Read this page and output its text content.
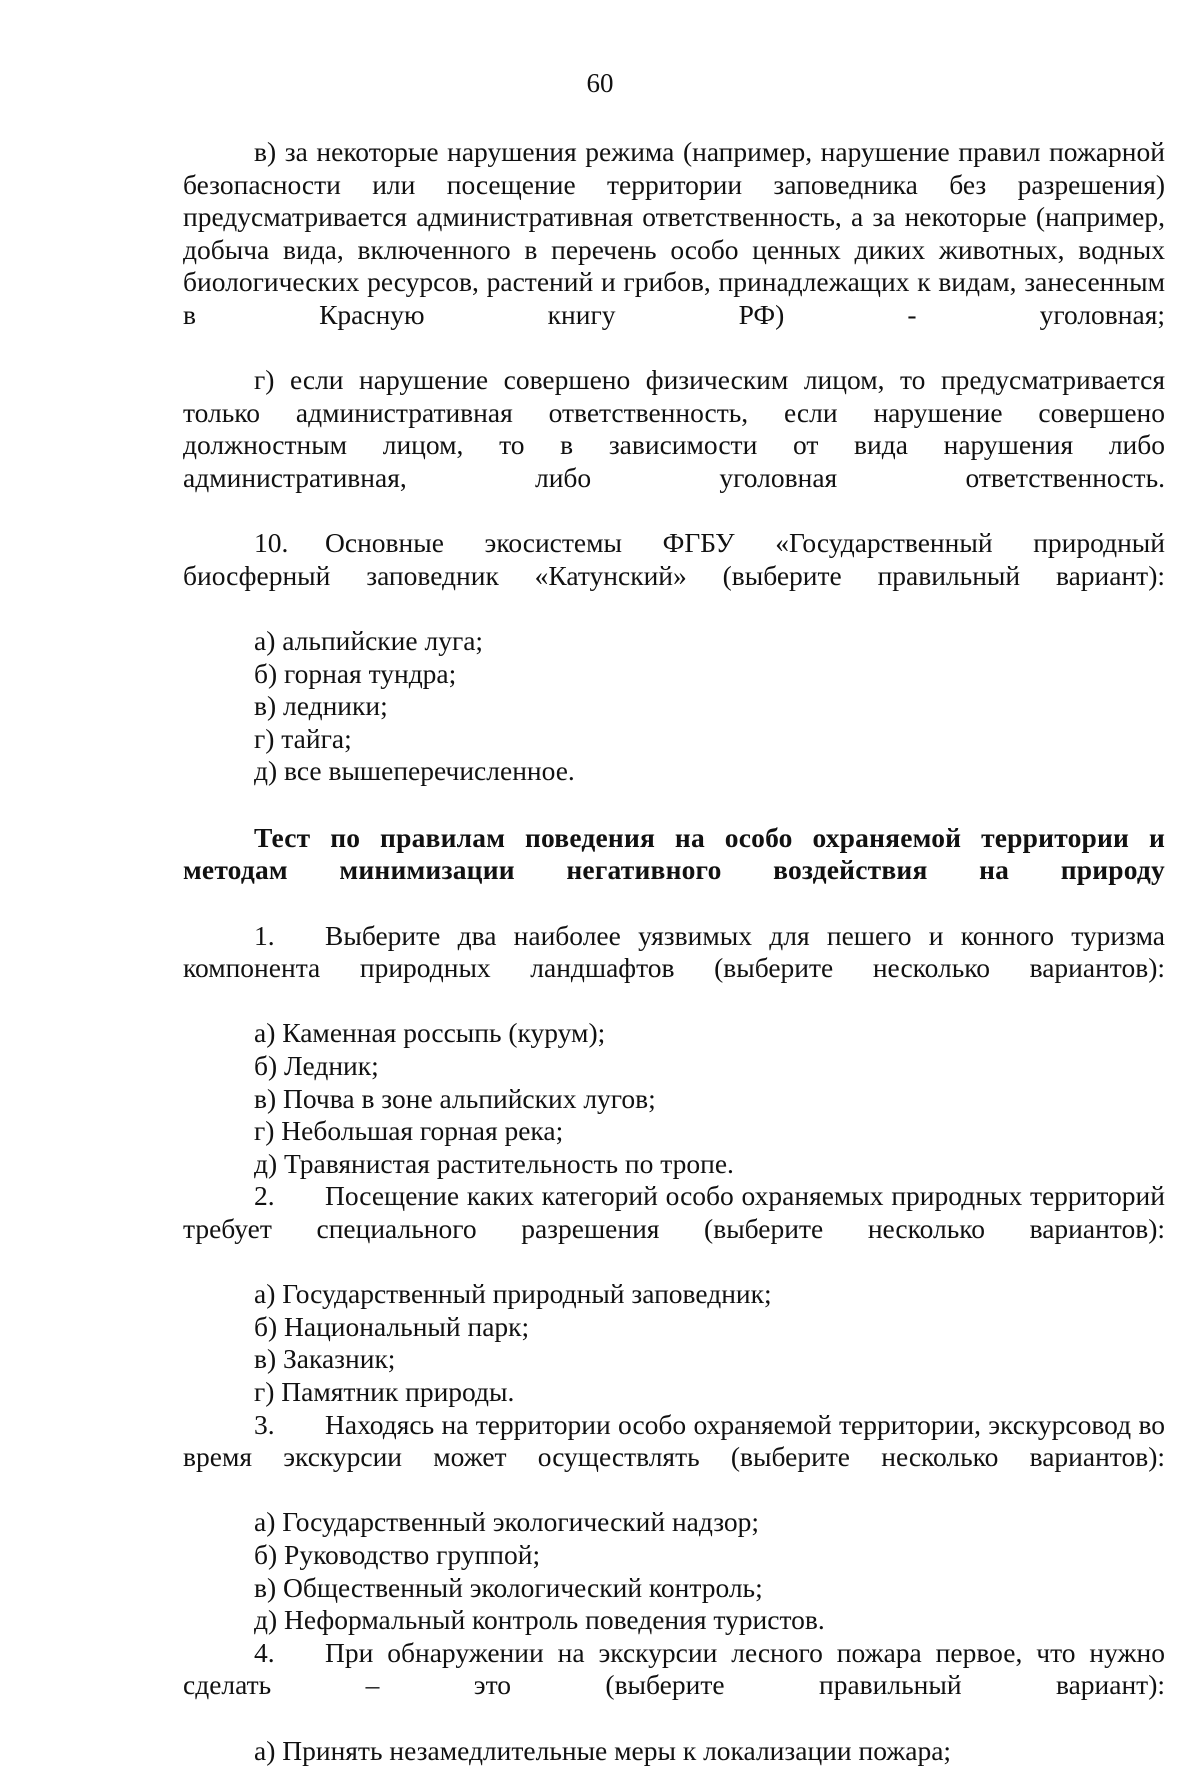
60

в) за некоторые нарушения режима (например, нарушение правил пожарной безопасности или посещение территории заповедника без разрешения) предусматривается административная ответственность, а за некоторые (например, добыча вида, включенного в перечень особо ценных диких животных, водных биологических ресурсов, растений и грибов, принадлежащих к видам, занесенным в Красную книгу РФ) - уголовная;

г) если нарушение совершено физическим лицом, то предусматривается только административная ответственность, если нарушение совершено должностным лицом, то в зависимости от вида нарушения либо административная, либо уголовная ответственность.

10. Основные экосистемы ФГБУ «Государственный природный биосферный заповедник «Катунский» (выберите правильный вариант):

а) альпийские луга;

б) горная тундра;

в) ледники;

г) тайга;

д) все вышеперечисленное.

Тест по правилам поведения на особо охраняемой территории и методам минимизации негативного воздействия на природу

1. Выберите два наиболее уязвимых для пешего и конного туризма компонента природных ландшафтов (выберите несколько вариантов):

а) Каменная россыпь (курум);

б) Ледник;

в) Почва в зоне альпийских лугов;

г) Небольшая горная река;

д) Травянистая растительность по тропе.

2. Посещение каких категорий особо охраняемых природных территорий требует специального разрешения (выберите несколько вариантов):

а) Государственный природный заповедник;

б) Национальный парк;

в) Заказник;

г) Памятник природы.

3. Находясь на территории особо охраняемой территории, экскурсовод во время экскурсии может осуществлять (выберите несколько вариантов):

а) Государственный экологический надзор;

б) Руководство группой;

в) Общественный экологический контроль;

д) Неформальный контроль поведения туристов.

4. При обнаружении на экскурсии лесного пожара первое, что нужно сделать – это (выберите правильный вариант):

а) Принять незамедлительные меры к локализации пожара;
